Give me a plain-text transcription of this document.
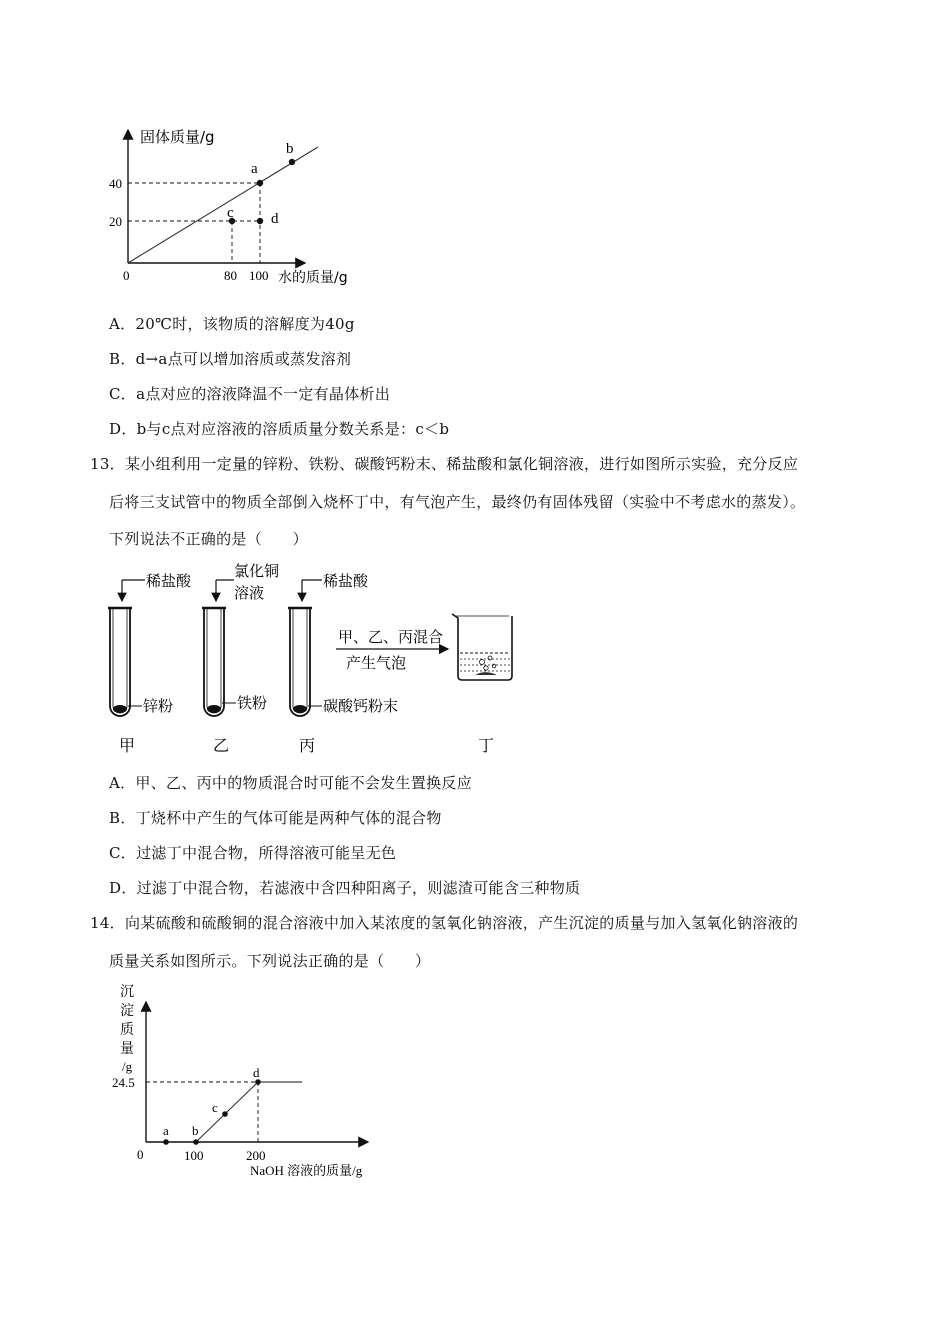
固体质量/g
水的质量/g
0
40
20
80 100
a
b
c d
A．20℃时，该物质的溶解度为40g
B．d→a点可以增加溶质或蒸发溶剂
C．a点对应的溶液降温不一定有晶体析出
D．b与c点对应溶液的溶质质量分数关系是：c＜b
13．某小组利用一定量的锌粉、铁粉、碳酸钙粉末、稀盐酸和氯化铜溶液，进行如图所示实验，充分反应
后将三支试管中的物质全部倒入烧杯丁中，有气泡产生，最终仍有固体残留（实验中不考虑水的蒸发）。
下列说法不正确的是（　　）
稀盐酸
锌粉
氯化铜
溶液
铁粉
稀盐酸
碳酸钙粉末
甲、乙、丙混合
产生气泡
甲	乙	丙	丁
A．甲、乙、丙中的物质混合时可能不会发生置换反应
B．丁烧杯中产生的气体可能是两种气体的混合物
C．过滤丁中混合物，所得溶液可能呈无色
D．过滤丁中混合物，若滤液中含四种阳离子，则滤渣可能含三种物质
14．向某硫酸和硫酸铜的混合溶液中加入某浓度的氢氧化钠溶液，产生沉淀的质量与加入氢氧化钠溶液的
质量关系如图所示。下列说法正确的是（　　）
沉
淀
质
量
/g
24.5
0	100	200
NaOH 溶液的质量/g
a b
c
d
